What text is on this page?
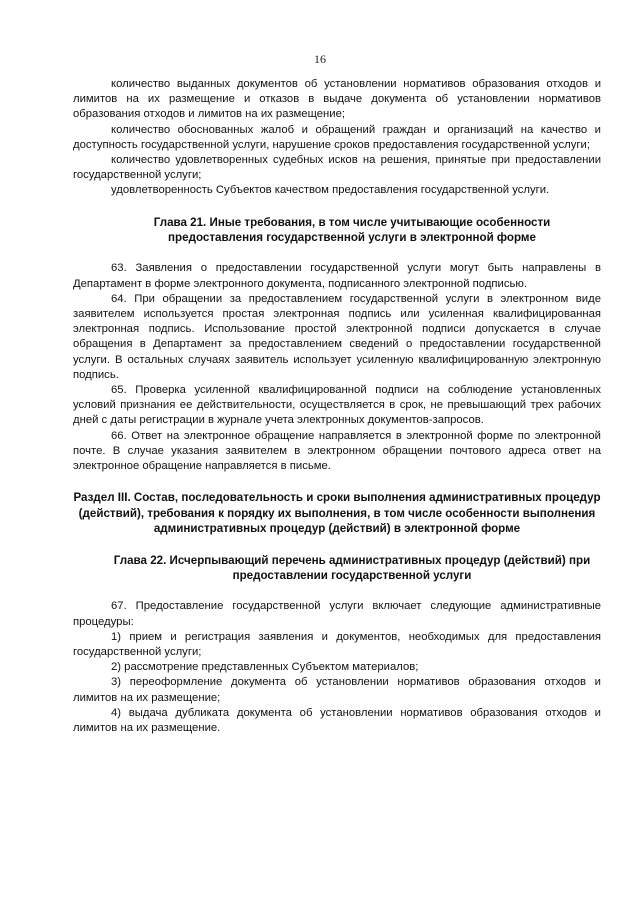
16

количество выданных документов об установлении нормативов образования отходов и лимитов на их размещение и отказов в выдаче документа об установлении нормативов образования отходов и лимитов на их размещение;

количество обоснованных жалоб и обращений граждан и организаций на качество и доступность государственной услуги, нарушение сроков предоставления государственной услуги;

количество удовлетворенных судебных исков на решения, принятые при предоставлении государственной услуги;

удовлетворенность Субъектов качеством предоставления государственной услуги.

Глава 21. Иные требования, в том числе учитывающие особенности предоставления государственной услуги в электронной форме

63. Заявления о предоставлении государственной услуги могут быть направлены в Департамент в форме электронного документа, подписанного электронной подписью.

64. При обращении за предоставлением государственной услуги в электронном виде заявителем используется простая электронная подпись или усиленная квалифицированная электронная подпись. Использование простой электронной подписи допускается в случае обращения в Департамент за предоставлением сведений о предоставлении государственной услуги. В остальных случаях заявитель использует усиленную квалифицированную электронную подпись.

65. Проверка усиленной квалифицированной подписи на соблюдение установленных условий признания ее действительности, осуществляется в срок, не превышающий трех рабочих дней с даты регистрации в журнале учета электронных документов-запросов.

66. Ответ на электронное обращение направляется в электронной форме по электронной почте. В случае указания заявителем в электронном обращении почтового адреса ответ на электронное обращение направляется в письме.

Раздел III. Состав, последовательность и сроки выполнения административных процедур (действий), требования к порядку их выполнения, в том числе особенности выполнения административных процедур (действий) в электронной форме

Глава 22. Исчерпывающий перечень административных процедур (действий) при предоставлении государственной услуги

67. Предоставление государственной услуги включает следующие административные процедуры:

1) прием и регистрация заявления и документов, необходимых для предоставления государственной услуги;

2) рассмотрение представленных Субъектом материалов;

3) переоформление документа об установлении нормативов образования отходов и лимитов на их размещение;

4) выдача дубликата документа об установлении нормативов образования отходов и лимитов на их размещение.
